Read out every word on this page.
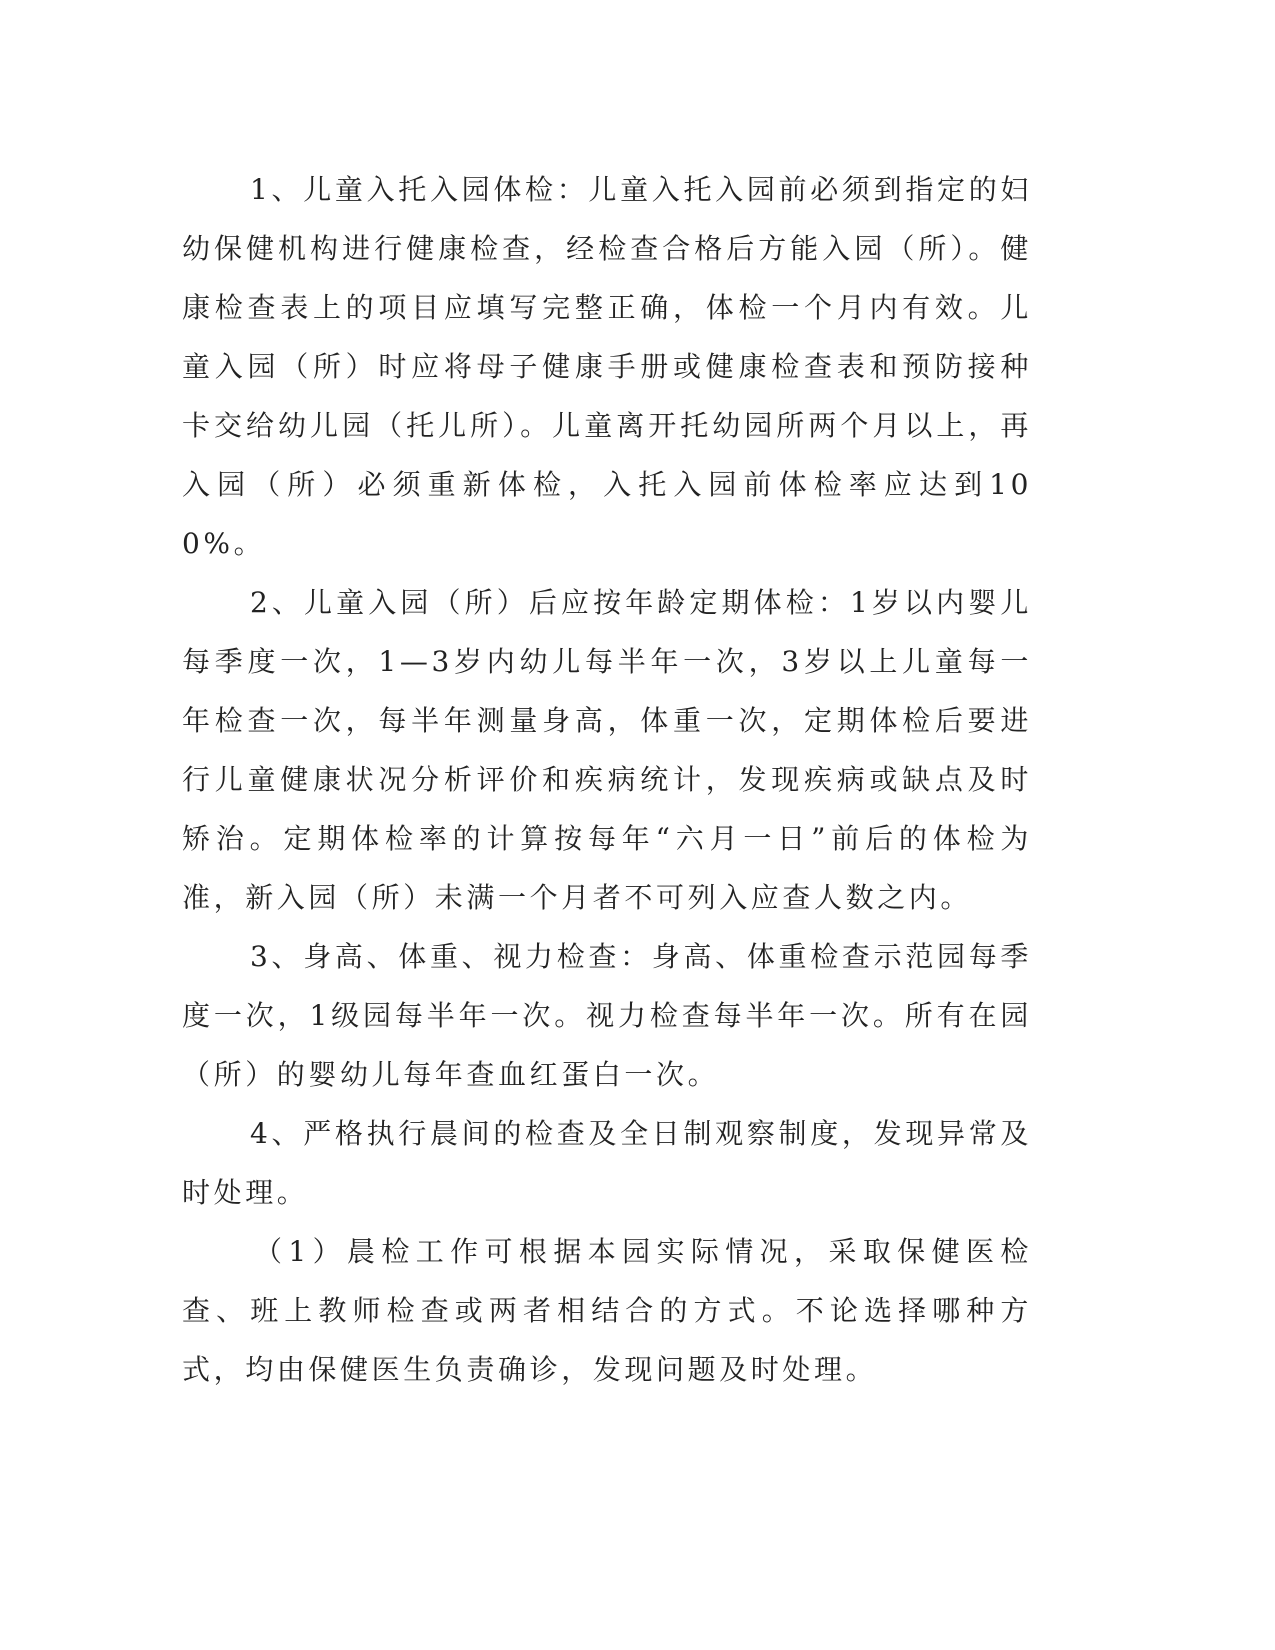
1、儿童入托入园体检：儿童入托入园前必须到指定的妇幼保健机构进行健康检查，经检查合格后方能入园（所）。健康检查表上的项目应填写完整正确，体检一个月内有效。儿童入园（所）时应将母子健康手册或健康检查表和预防接种卡交给幼儿园（托儿所）。儿童离开托幼园所两个月以上，再入园（所）必须重新体检，入托入园前体检率应达到100%。

2、儿童入园（所）后应按年龄定期体检：1岁以内婴儿每季度一次，1—3岁内幼儿每半年一次，3岁以上儿童每一年检查一次，每半年测量身高，体重一次，定期体检后要进行儿童健康状况分析评价和疾病统计，发现疾病或缺点及时矫治。定期体检率的计算按每年“六月一日”前后的体检为准，新入园（所）未满一个月者不可列入应查人数之内。

3、身高、体重、视力检查：身高、体重检查示范园每季度一次，1级园每半年一次。视力检查每半年一次。所有在园（所）的婴幼儿每年查血红蛋白一次。

4、严格执行晨间的检查及全日制观察制度，发现异常及时处理。

（1）晨检工作可根据本园实际情况，采取保健医检查、班上教师检查或两者相结合的方式。不论选择哪种方式，均由保健医生负责确诊，发现问题及时处理。
